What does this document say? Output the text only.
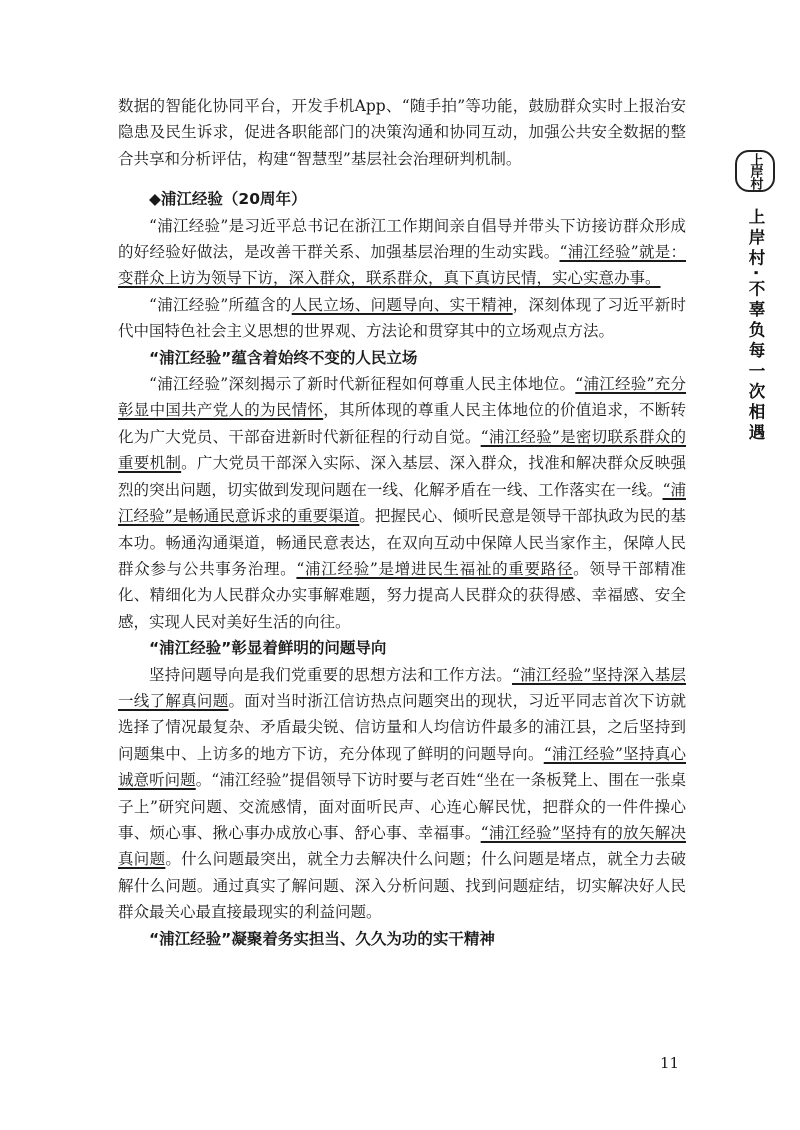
数据的智能化协同平台，开发手机App、“随手拍”等功能，鼓励群众实时上报治安隐患及民生诉求，促进各职能部门的决策沟通和协同互动，加强公共安全数据的整合共享和分析评估，构建“智慧型”基层社会治理研判机制。

◆浦江经验（20周年）

“浦江经验”是习近平总书记在浙江工作期间亲自倡导并带头下访接访群众形成的好经验好做法，是改善干群关系、加强基层治理的生动实践。“浦江经验”就是：变群众上访为领导下访，深入群众，联系群众，真下真访民情，实心实意办事。

“浦江经验”所蕴含的人民立场、问题导向、实干精神，深刻体现了习近平新时代中国特色社会主义思想的世界观、方法论和贯穿其中的立场观点方法。

“浦江经验”蕴含着始终不变的人民立场

“浦江经验”深刻揭示了新时代新征程如何尊重人民主体地位。“浦江经验”充分彰显中国共产党人的为民情怀，其所体现的尊重人民主体地位的价值追求，不断转化为广大党员、干部奋进新时代新征程的行动自觉。“浦江经验”是密切联系群众的重要机制。广大党员干部深入实际、深入基层、深入群众，找准和解决群众反映强烈的突出问题，切实做到发现问题在一线、化解矛盾在一线、工作落实在一线。“浦江经验”是畅通民意诉求的重要渠道。把握民心、倾听民意是领导干部执政为民的基本功。畅通沟通渠道，畅通民意表达，在双向互动中保障人民当家作主，保障人民群众参与公共事务治理。“浦江经验”是增进民生福祉的重要路径。领导干部精准化、精细化为人民群众办实事解难题，努力提高人民群众的获得感、幸福感、安全感，实现人民对美好生活的向往。

“浦江经验”彰显着鲜明的问题导向

坚持问题导向是我们党重要的思想方法和工作方法。“浦江经验”坚持深入基层一线了解真问题。面对当时浙江信访热点问题突出的现状，习近平同志首次下访就选择了情况最复杂、矛盾最尖锐、信访量和人均信访件最多的浦江县，之后坚持到问题集中、上访多的地方下访，充分体现了鲜明的问题导向。“浦江经验”坚持真心诚意听问题。“浦江经验”提倡领导下访时要与老百姓“坐在一条板凳上、围在一张桌子上”研究问题、交流感情，面对面听民声、心连心解民忧，把群众的一件件操心事、烦心事、揪心事办成放心事、舒心事、幸福事。“浦江经验”坚持有的放矢解决真问题。什么问题最突出，就全力去解决什么问题；什么问题是堵点，就全力去破解什么问题。通过真实了解问题、深入分析问题、找到问题症结，切实解决好人民群众最关心最直接最现实的利益问题。

“浦江经验”凝聚着务实担当、久久为功的实干精神

上岸村
上岸村·不辜负每一次相遇
11
